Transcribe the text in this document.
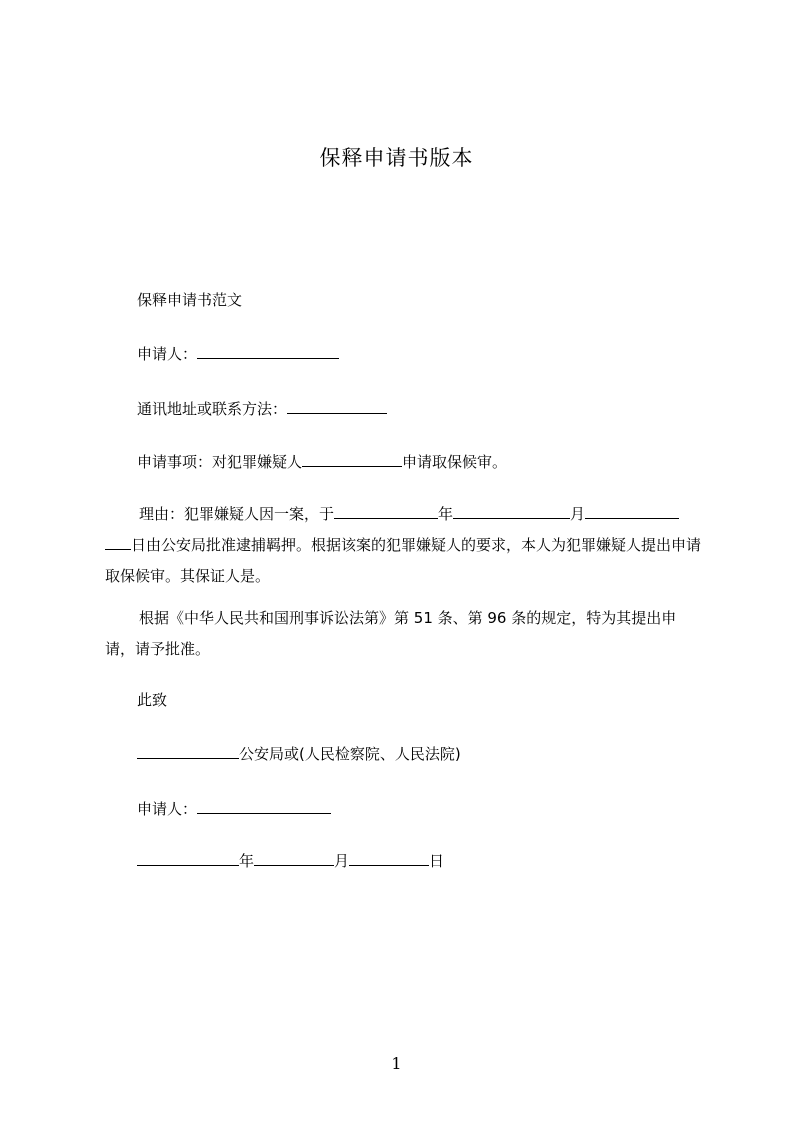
保释申请书版本
保释申请书范文
申请人：
通讯地址或联系方法：
申请事项：对犯罪嫌疑人	申请取保候审。
理由：犯罪嫌疑人因一案，于	年	月日由公安局批准逮捕羁押。根据该案的犯罪嫌疑人的要求，本人为犯罪嫌疑人提出申请取保候审。其保证人是。
根据《中华人民共和国刑事诉讼法第》第 51 条、第 96 条的规定，特为其提出申请，请予批准。
此致
公安局或(人民检察院、人民法院)
申请人：
年	月	日
1
